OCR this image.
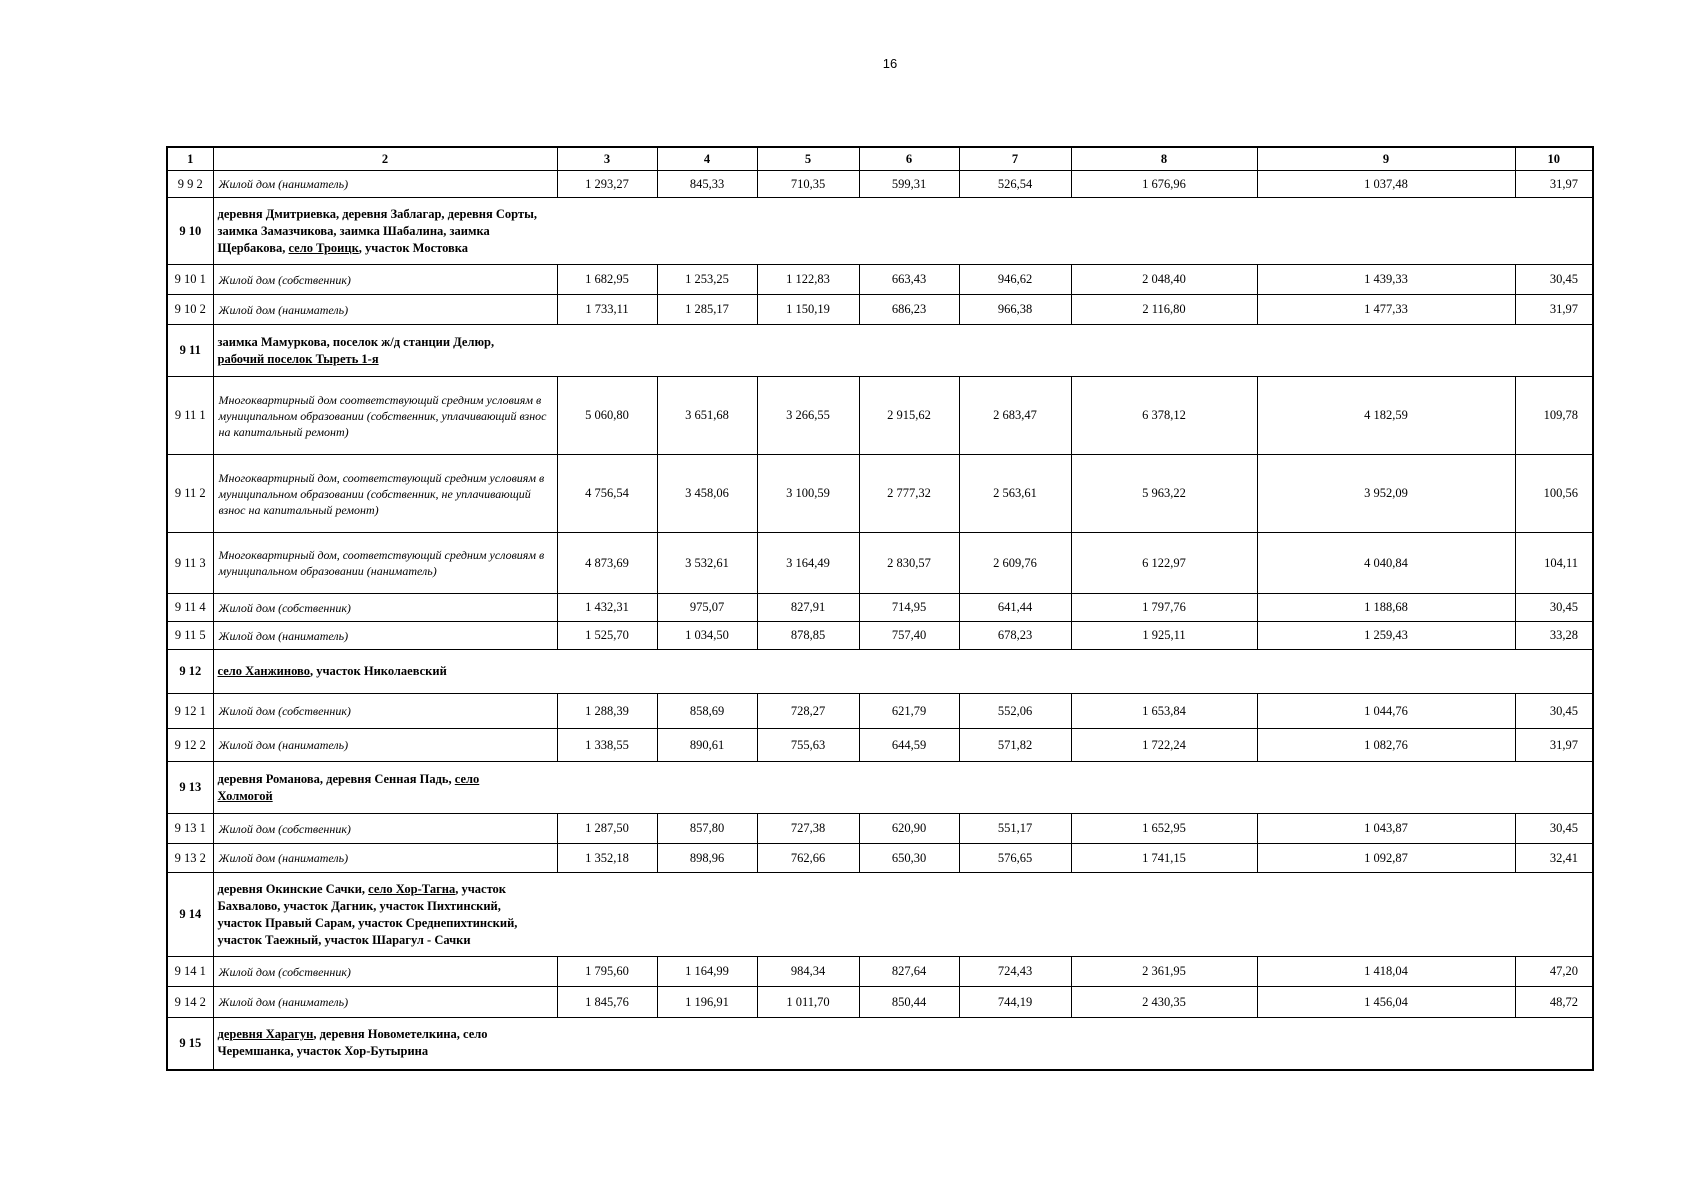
16
1	2	3	4	5	6	7	8	9	10
9 9 2	Жилой дом (наниматель)	1 293,27	845,33	710,35	599,31	526,54	1 676,96	1 037,48	31,97
9 10	деревня Дмитриевка, деревня Заблагар, деревня Сорты, заимка Замазчикова, заимка Шабалина, заимка Щербакова, село Троицк, участок Мостовка								

9 10 1	Жилой дом (собственник)	1 682,95	1 253,25	1 122,83	663,43	946,62	2 048,40	1 439,33	30,45
9 10 2	Жилой дом (наниматель)	1 733,11	1 285,17	1 150,19	686,23	966,38	2 116,80	1 477,33	31,97
9 11	заимка Мамуркова, поселок ж/д станции Делюр, рабочий поселок Тыреть 1-я								

9 11 1	Многоквартирный дом соответствующий средним условиям в муниципальном образовании (собственник, уплачивающий взнос на капитальный ремонт)	5 060,80	3 651,68	3 266,55	2 915,62	2 683,47	6 378,12	4 182,59	109,78
9 11 2	Многоквартирный дом, соответствующий средним условиям в муниципальном образовании (собственник, не уплачивающий взнос на капитальный ремонт)	4 756,54	3 458,06	3 100,59	2 777,32	2 563,61	5 963,22	3 952,09	100,56
9 11 3	Многоквартирный дом, соответствующий средним условиям в муниципальном образовании (наниматель)	4 873,69	3 532,61	3 164,49	2 830,57	2 609,76	6 122,97	4 040,84	104,11
9 11 4	Жилой дом (собственник)	1 432,31	975,07	827,91	714,95	641,44	1 797,76	1 188,68	30,45
9 11 5	Жилой дом (наниматель)	1 525,70	1 034,50	878,85	757,40	678,23	1 925,11	1 259,43	33,28
9 12	село Ханжиново, участок Николаевский								

9 12 1	Жилой дом (собственник)	1 288,39	858,69	728,27	621,79	552,06	1 653,84	1 044,76	30,45
9 12 2	Жилой дом (наниматель)	1 338,55	890,61	755,63	644,59	571,82	1 722,24	1 082,76	31,97
9 13	деревня Романова, деревня Сенная Падь, село Холмогой								

9 13 1	Жилой дом (собственник)	1 287,50	857,80	727,38	620,90	551,17	1 652,95	1 043,87	30,45
9 13 2	Жилой дом (наниматель)	1 352,18	898,96	762,66	650,30	576,65	1 741,15	1 092,87	32,41
9 14	деревня Окинские Сачки, село Хор-Тагна, участок Бахвалово, участок Дагник, участок Пихтинский, участок Правый Сарам, участок Среднепихтинский, участок Таежный, участок Шарагул - Сачки								

9 14 1	Жилой дом (собственник)	1 795,60	1 164,99	984,34	827,64	724,43	2 361,95	1 418,04	47,20
9 14 2	Жилой дом (наниматель)	1 845,76	1 196,91	1 011,70	850,44	744,19	2 430,35	1 456,04	48,72
9 15	деревня Харагун, деревня Новометелкина, село Черемшанка, участок Хор-Бутырина								
